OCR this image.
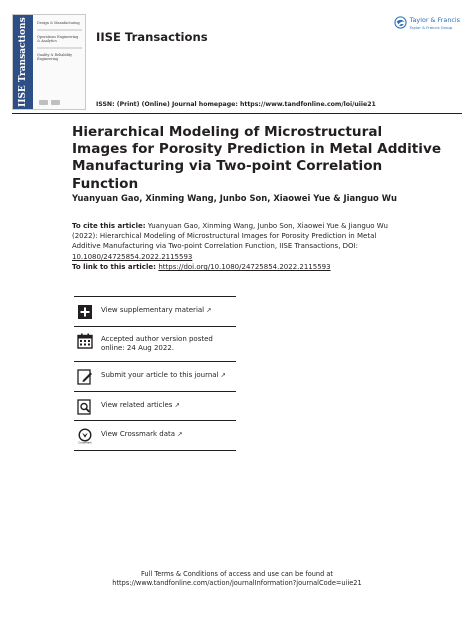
IISE Transactions	Design & Manufacturing
Operations Engineering & Analytics
Quality & Reliability Engineering
IISE Transactions
Taylor & Francis
Taylor & Francis Group
ISSN: (Print) (Online) Journal homepage: https://www.tandfonline.com/loi/uiie21
Hierarchical Modeling of Microstructural Images for Porosity Prediction in Metal Additive Manufacturing via Two-point Correlation Function
Yuanyuan Gao, Xinming Wang, Junbo Son, Xiaowei Yue & Jianguo Wu
To cite this article: Yuanyuan Gao, Xinming Wang, Junbo Son, Xiaowei Yue & Jianguo Wu (2022): Hierarchical Modeling of Microstructural Images for Porosity Prediction in Metal Additive Manufacturing via Two-point Correlation Function, IISE Transactions, DOI: 10.1080/24725854.2022.2115593
To link to this article: https://doi.org/10.1080/24725854.2022.2115593
View supplementary material ↗
Accepted author version posted online: 24 Aug 2022.
Submit your article to this journal ↗
View related articles ↗
CrossMark
View Crossmark data ↗
Full Terms & Conditions of access and use can be found at
https://www.tandfonline.com/action/journalInformation?journalCode=uiie21
